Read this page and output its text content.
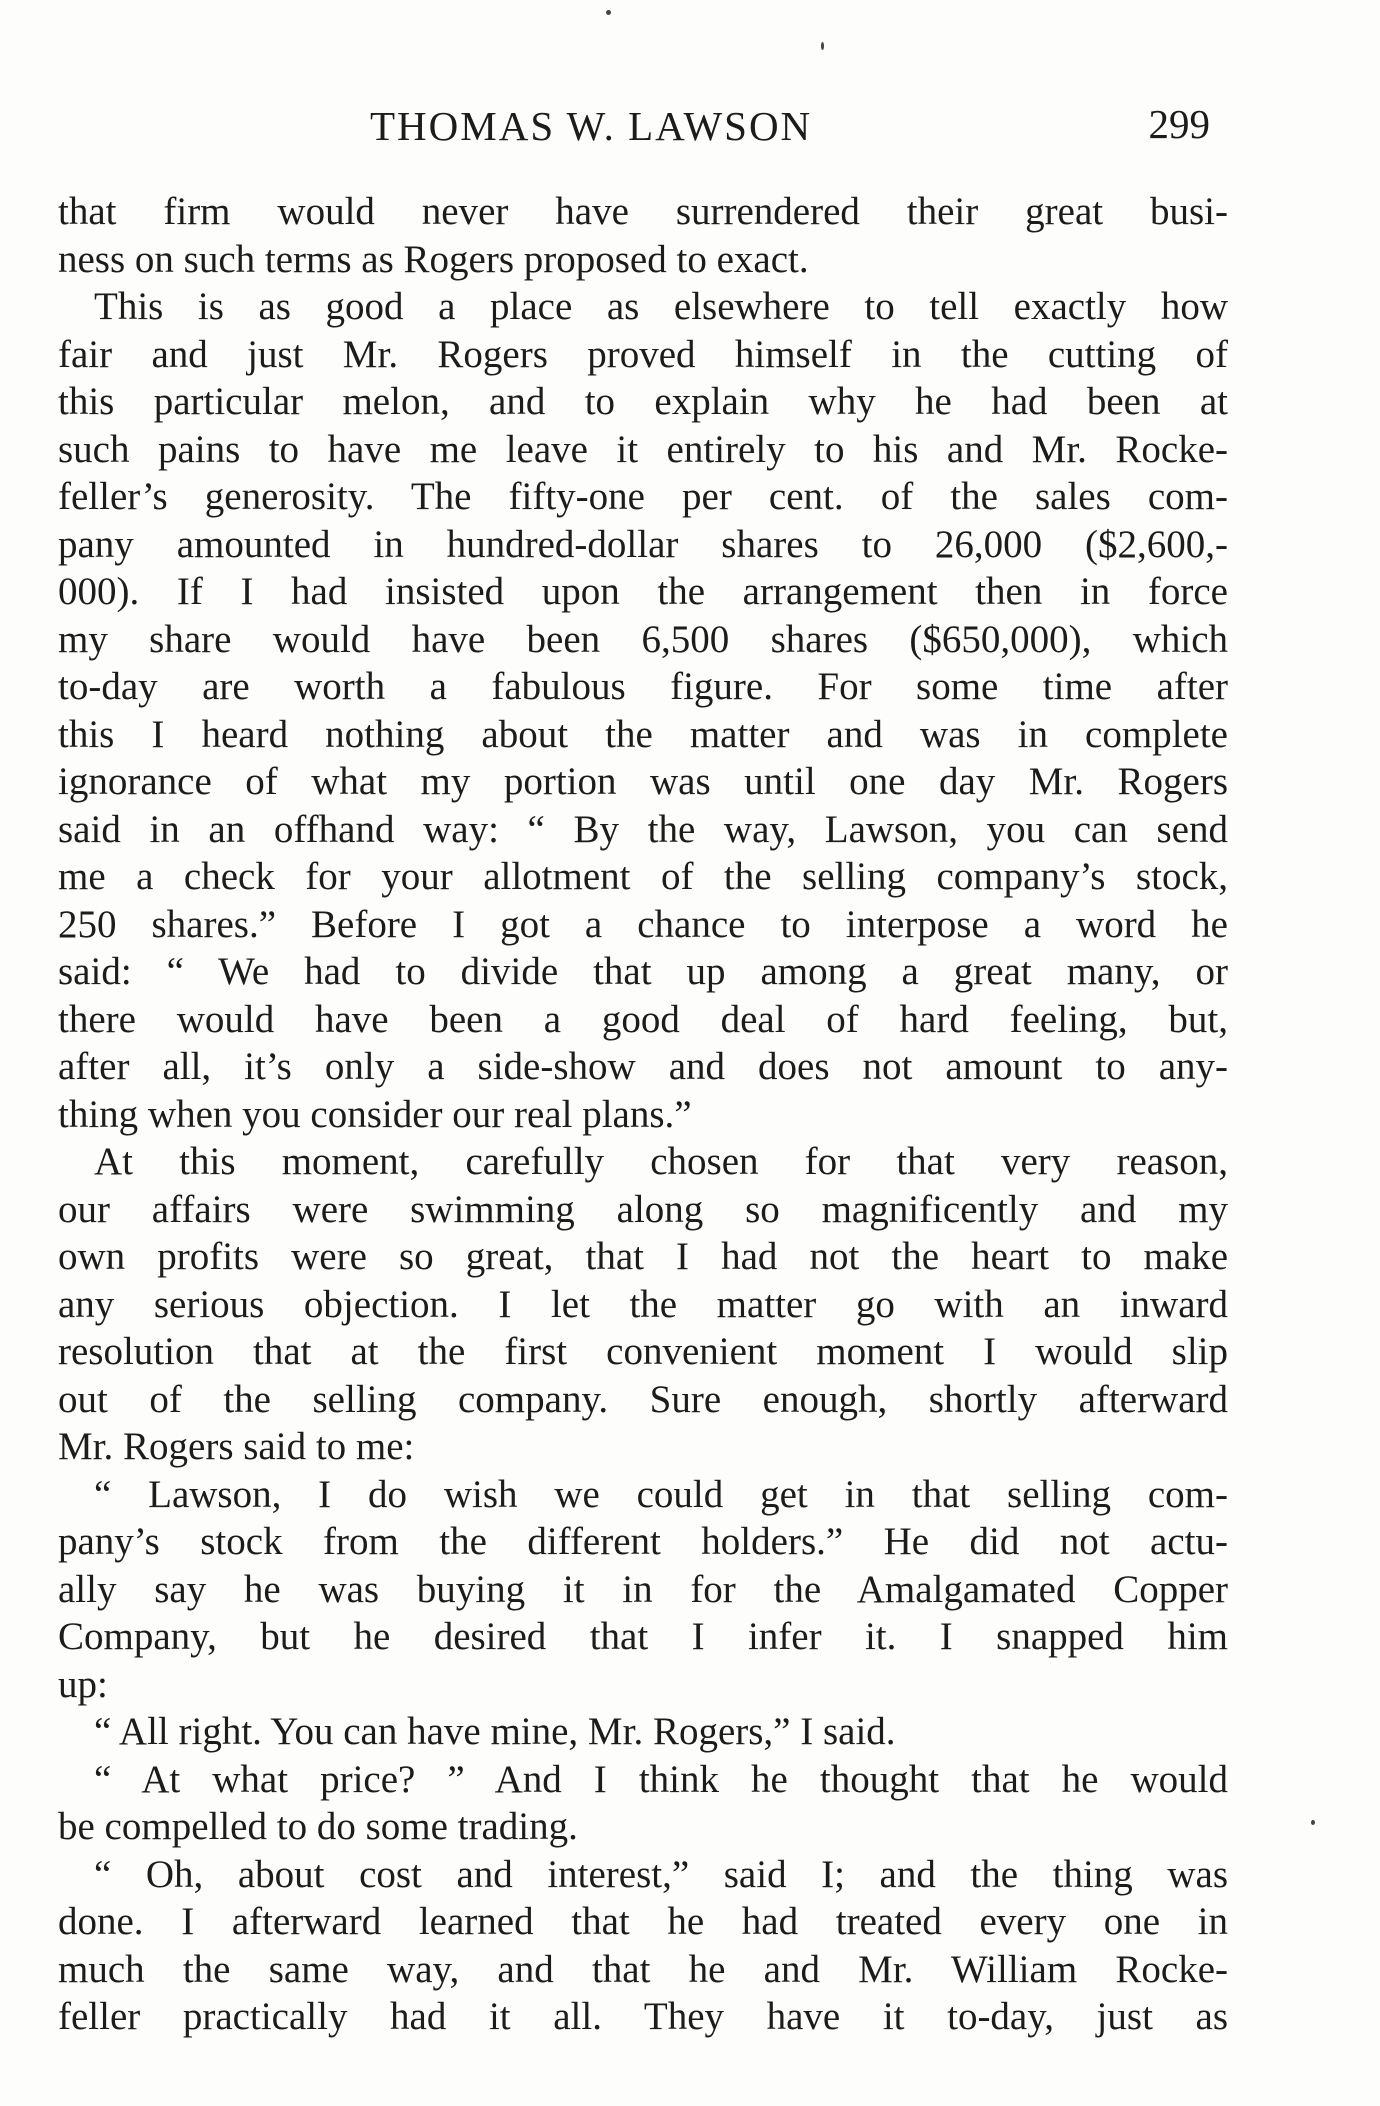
THOMAS W. LAWSON	299
that firm would never have surrendered their great busi-
ness on such terms as Rogers proposed to exact.
This is as good a place as elsewhere to tell exactly how
fair and just Mr. Rogers proved himself in the cutting of
this particular melon, and to explain why he had been at
such pains to have me leave it entirely to his and Mr. Rocke-
feller’s generosity. The fifty-one per cent. of the sales com-
pany amounted in hundred-dollar shares to 26,000 ($2,600,-
000). If I had insisted upon the arrangement then in force
my share would have been 6,500 shares ($650,000), which
to-day are worth a fabulous figure. For some time after
this I heard nothing about the matter and was in complete
ignorance of what my portion was until one day Mr. Rogers
said in an offhand way: “ By the way, Lawson, you can send
me a check for your allotment of the selling company’s stock,
250 shares.” Before I got a chance to interpose a word he
said: “ We had to divide that up among a great many, or
there would have been a good deal of hard feeling, but,
after all, it’s only a side-show and does not amount to any-
thing when you consider our real plans.”
At this moment, carefully chosen for that very reason,
our affairs were swimming along so magnificently and my
own profits were so great, that I had not the heart to make
any serious objection. I let the matter go with an inward
resolution that at the first convenient moment I would slip
out of the selling company. Sure enough, shortly afterward
Mr. Rogers said to me:
“ Lawson, I do wish we could get in that selling com-
pany’s stock from the different holders.” He did not actu-
ally say he was buying it in for the Amalgamated Copper
Company, but he desired that I infer it. I snapped him
up:
“ All right. You can have mine, Mr. Rogers,” I said.
“ At what price? ” And I think he thought that he would
be compelled to do some trading.
“ Oh, about cost and interest,” said I; and the thing was
done. I afterward learned that he had treated every one in
much the same way, and that he and Mr. William Rocke-
feller practically had it all. They have it to-day, just as
